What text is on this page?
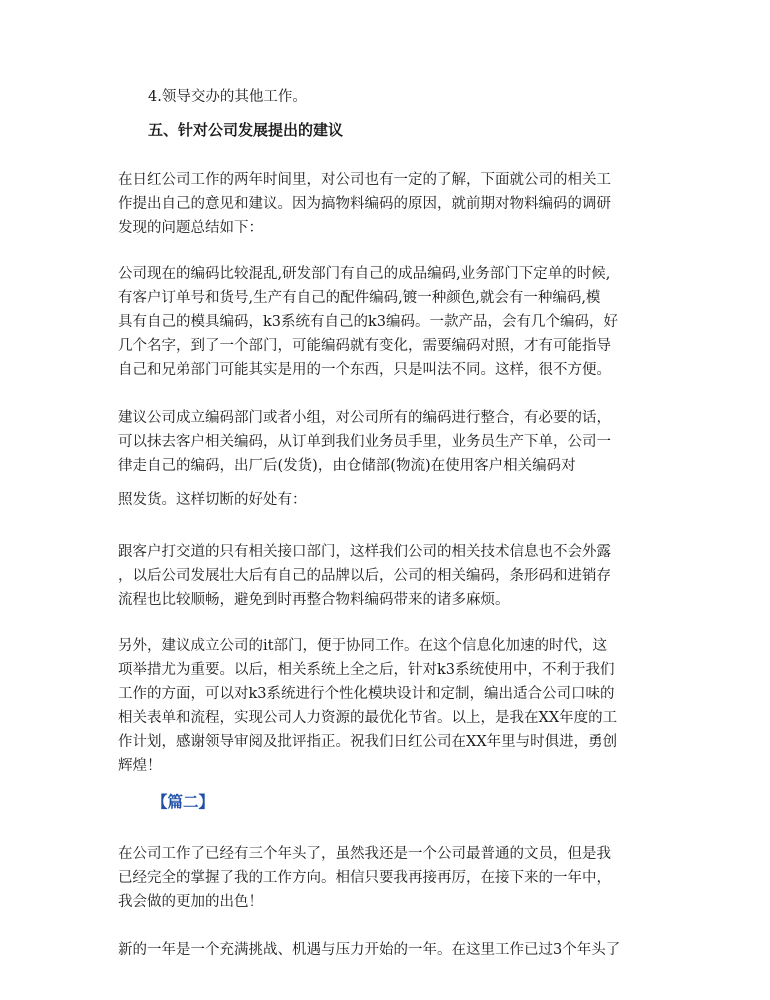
4.领导交办的其他工作。
五、针对公司发展提出的建议
在日红公司工作的两年时间里，对公司也有一定的了解，下面就公司的相关工
作提出自己的意见和建议。因为搞物料编码的原因，就前期对物料编码的调研
发现的问题总结如下：
公司现在的编码比较混乱,研发部门有自己的成品编码,业务部门下定单的时候,
有客户订单号和货号,生产有自己的配件编码,镀一种颜色,就会有一种编码,模
具有自己的模具编码，k3系统有自己的k3编码。一款产品，会有几个编码，好
几个名字，到了一个部门，可能编码就有变化，需要编码对照，才有可能指导
自己和兄弟部门可能其实是用的一个东西，只是叫法不同。这样，很不方便。
建议公司成立编码部门或者小组，对公司所有的编码进行整合，有必要的话，
可以抹去客户相关编码，从订单到我们业务员手里，业务员生产下单，公司一
律走自己的编码，出厂后(发货)，由仓储部(物流)在使用客户相关编码对
照发货。这样切断的好处有：
跟客户打交道的只有相关接口部门，这样我们公司的相关技术信息也不会外露
，以后公司发展壮大后有自己的品牌以后，公司的相关编码，条形码和进销存
流程也比较顺畅，避免到时再整合物料编码带来的诸多麻烦。
另外，建议成立公司的it部门，便于协同工作。在这个信息化加速的时代，这
项举措尤为重要。以后，相关系统上全之后，针对k3系统使用中，不利于我们
工作的方面，可以对k3系统进行个性化模块设计和定制，编出适合公司口味的
相关表单和流程，实现公司人力资源的最优化节省。以上，是我在XX年度的工
作计划，感谢领导审阅及批评指正。祝我们日红公司在XX年里与时俱进，勇创
辉煌！
【篇二】
在公司工作了已经有三个年头了，虽然我还是一个公司最普通的文员，但是我
已经完全的掌握了我的工作方向。相信只要我再接再厉，在接下来的一年中，
我会做的更加的出色！
新的一年是一个充满挑战、机遇与压力开始的一年。在这里工作已过3个年头了
